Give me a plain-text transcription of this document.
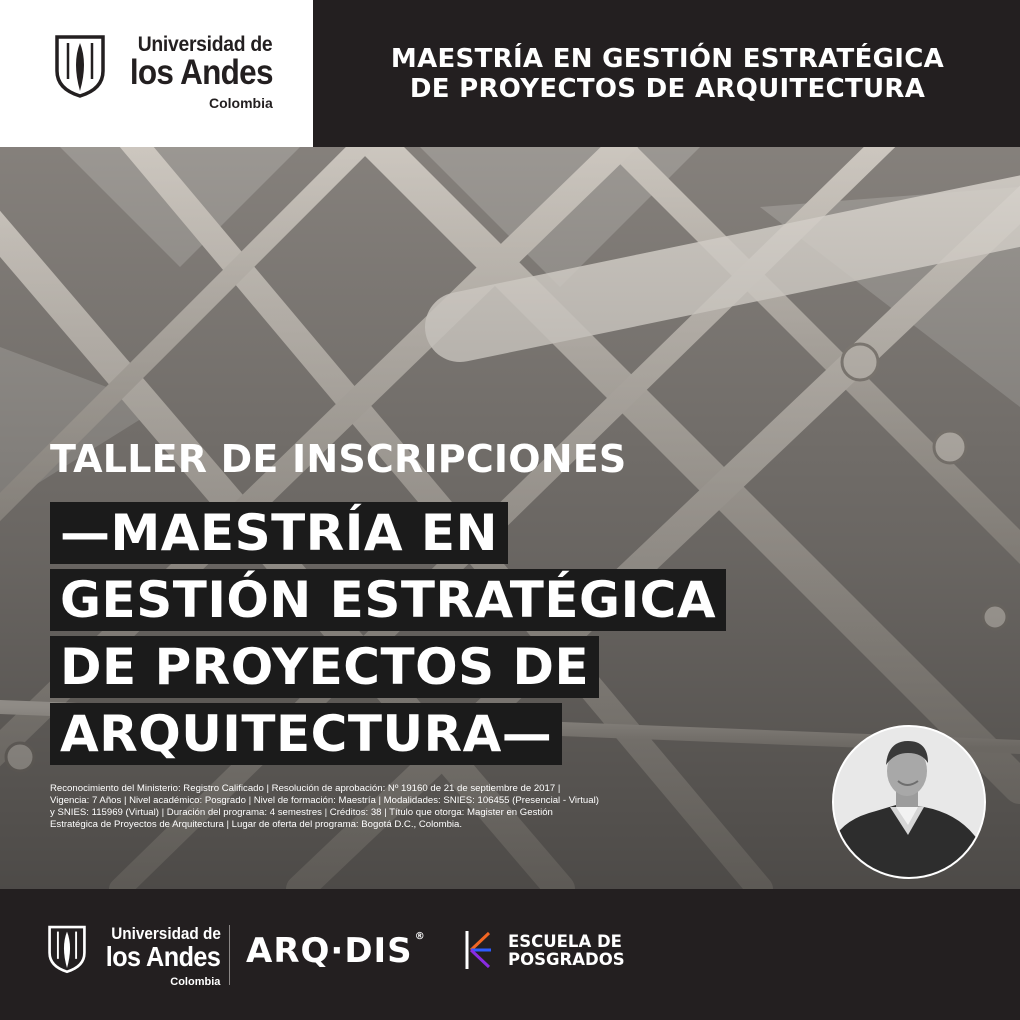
Universidad de
los Andes
Colombia
MAESTRÍA EN GESTIÓN ESTRATÉGICA
DE PROYECTOS DE ARQUITECTURA
TALLER DE INSCRIPCIONES
—MAESTRÍA EN
GESTIÓN ESTRATÉGICA
DE PROYECTOS DE
ARQUITECTURA—
Reconocimiento del Ministerio: Registro Calificado | Resolución de aprobación: Nº 19160 de 21 de septiembre de 2017 |
Vigencia: 7 Años | Nivel académico: Posgrado | Nivel de formación: Maestría | Modalidades: SNIES: 106455 (Presencial - Virtual)
y SNIES: 115969 (Virtual) | Duración del programa: 4 semestres | Créditos: 38 | Título que otorga: Magister en Gestión
Estratégica de Proyectos de Arquitectura | Lugar de oferta del programa: Bogotá D.C., Colombia.
Universidad de
los Andes
Colombia
ARQ·DIS ®	ESCUELA DE
POSGRADOS
